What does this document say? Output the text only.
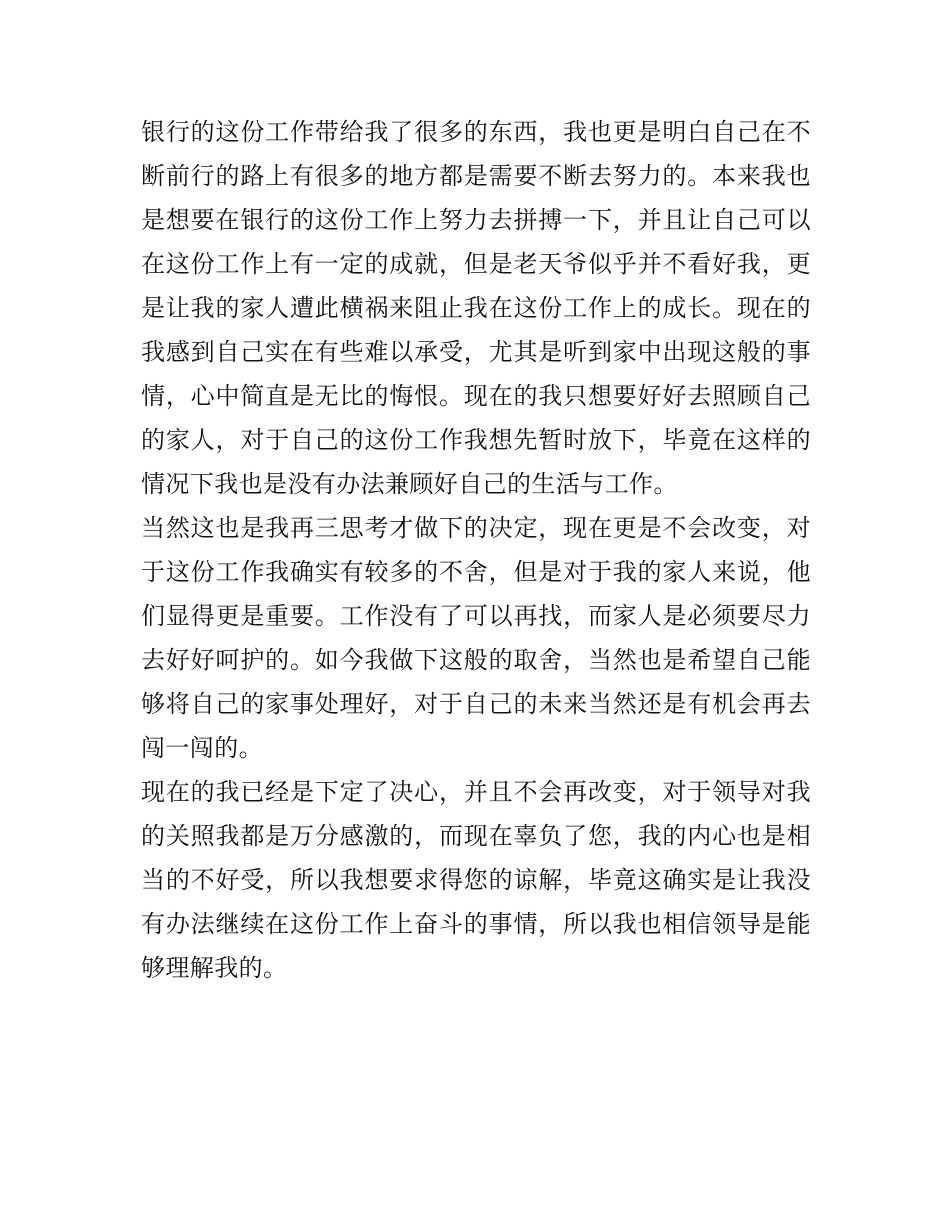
银行的这份工作带给我了很多的东西，我也更是明白自己在不
断前行的路上有很多的地方都是需要不断去努力的。本来我也
是想要在银行的这份工作上努力去拼搏一下，并且让自己可以
在这份工作上有一定的成就，但是老天爷似乎并不看好我，更
是让我的家人遭此横祸来阻止我在这份工作上的成长。现在的
我感到自己实在有些难以承受，尤其是听到家中出现这般的事
情，心中简直是无比的悔恨。现在的我只想要好好去照顾自己
的家人，对于自己的这份工作我想先暂时放下，毕竟在这样的
情况下我也是没有办法兼顾好自己的生活与工作。
当然这也是我再三思考才做下的决定，现在更是不会改变，对
于这份工作我确实有较多的不舍，但是对于我的家人来说，他
们显得更是重要。工作没有了可以再找，而家人是必须要尽力
去好好呵护的。如今我做下这般的取舍，当然也是希望自己能
够将自己的家事处理好，对于自己的未来当然还是有机会再去
闯一闯的。
现在的我已经是下定了决心，并且不会再改变，对于领导对我
的关照我都是万分感激的，而现在辜负了您，我的内心也是相
当的不好受，所以我想要求得您的谅解，毕竟这确实是让我没
有办法继续在这份工作上奋斗的事情，所以我也相信领导是能
够理解我的。
